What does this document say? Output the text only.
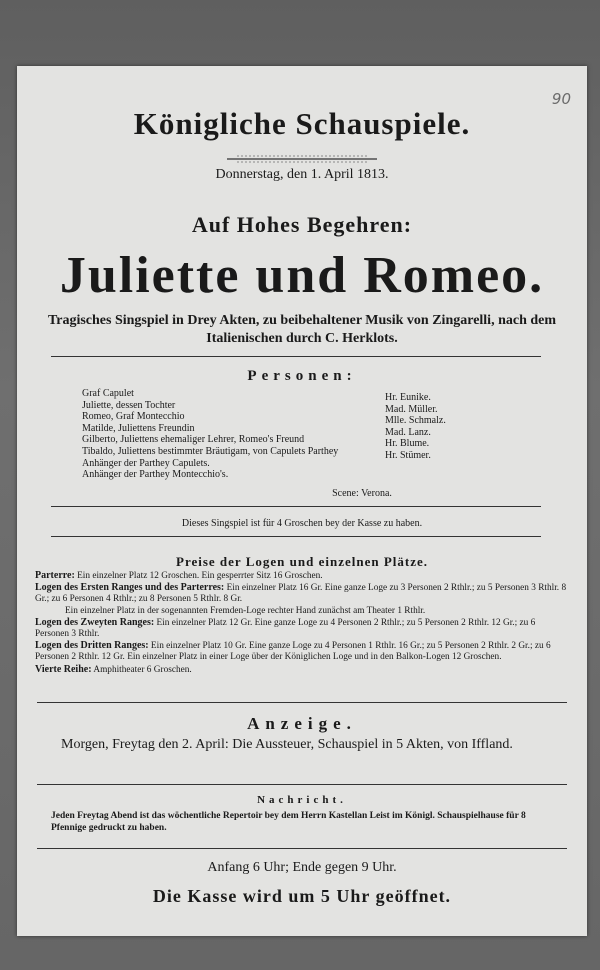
90
Königliche Schauspiele.
Donnerstag, den 1. April 1813.
Auf Hohes Begehren:
Juliette und Romeo.
Tragisches Singspiel in Drey Akten, zu beibehaltener Musik von Zingarelli, nach dem Italienischen durch C. Herklots.
Personen:
Graf Capulet
Juliette, dessen Tochter
Romeo, Graf Montecchio
Matilde, Juliettens Freundin
Gilberto, Juliettens ehemaliger Lehrer, Romeo's Freund
Tibaldo, Juliettens bestimmter Bräutigam, von Capulets Parthey
Anhänger der Parthey Capulets.
Anhänger der Parthey Montecchio's.
Hr. Eunike.
Mad. Müller.
Mlle. Schmalz.
Mad. Lanz.
Hr. Blume.
Hr. Stümer.
Scene: Verona.
Dieses Singspiel ist für 4 Groschen bey der Kasse zu haben.
Preise der Logen und einzelnen Plätze.

Parterre: Ein einzelner Platz 12 Groschen. Ein gesperrter Sitz 16 Groschen.

Logen des Ersten Ranges und des Parterres: Ein einzelner Platz 16 Gr. Eine ganze Loge zu 3 Personen 2 Rthlr.; zu 5 Personen 3 Rthlr. 8 Gr.; zu 6 Personen 4 Rthlr.; zu 8 Personen 5 Rthlr. 8 Gr.

Ein einzelner Platz in der sogenannten Fremden-Loge rechter Hand zunächst am Theater 1 Rthlr.

Logen des Zweyten Ranges: Ein einzelner Platz 12 Gr. Eine ganze Loge zu 4 Personen 2 Rthlr.; zu 5 Personen 2 Rthlr. 12 Gr.; zu 6 Personen 3 Rthlr.

Logen des Dritten Ranges: Ein einzelner Platz 10 Gr. Eine ganze Loge zu 4 Personen 1 Rthlr. 16 Gr.; zu 5 Personen 2 Rthlr. 2 Gr.; zu 6 Personen 2 Rthlr. 12 Gr. Ein einzelner Platz in einer Loge über der Königlichen Loge und in den Balkon-Logen 12 Groschen.

Vierte Reihe: Amphitheater 6 Groschen.

Anzeige.
Morgen, Freytag den 2. April: Die Aussteuer, Schauspiel in 5 Akten, von Iffland.
Nachricht.
Jeden Freytag Abend ist das wöchentliche Repertoir bey dem Herrn Kastellan Leist im Königl. Schauspielhause für 8 Pfennige gedruckt zu haben.
Anfang 6 Uhr; Ende gegen 9 Uhr.
Die Kasse wird um 5 Uhr geöffnet.
